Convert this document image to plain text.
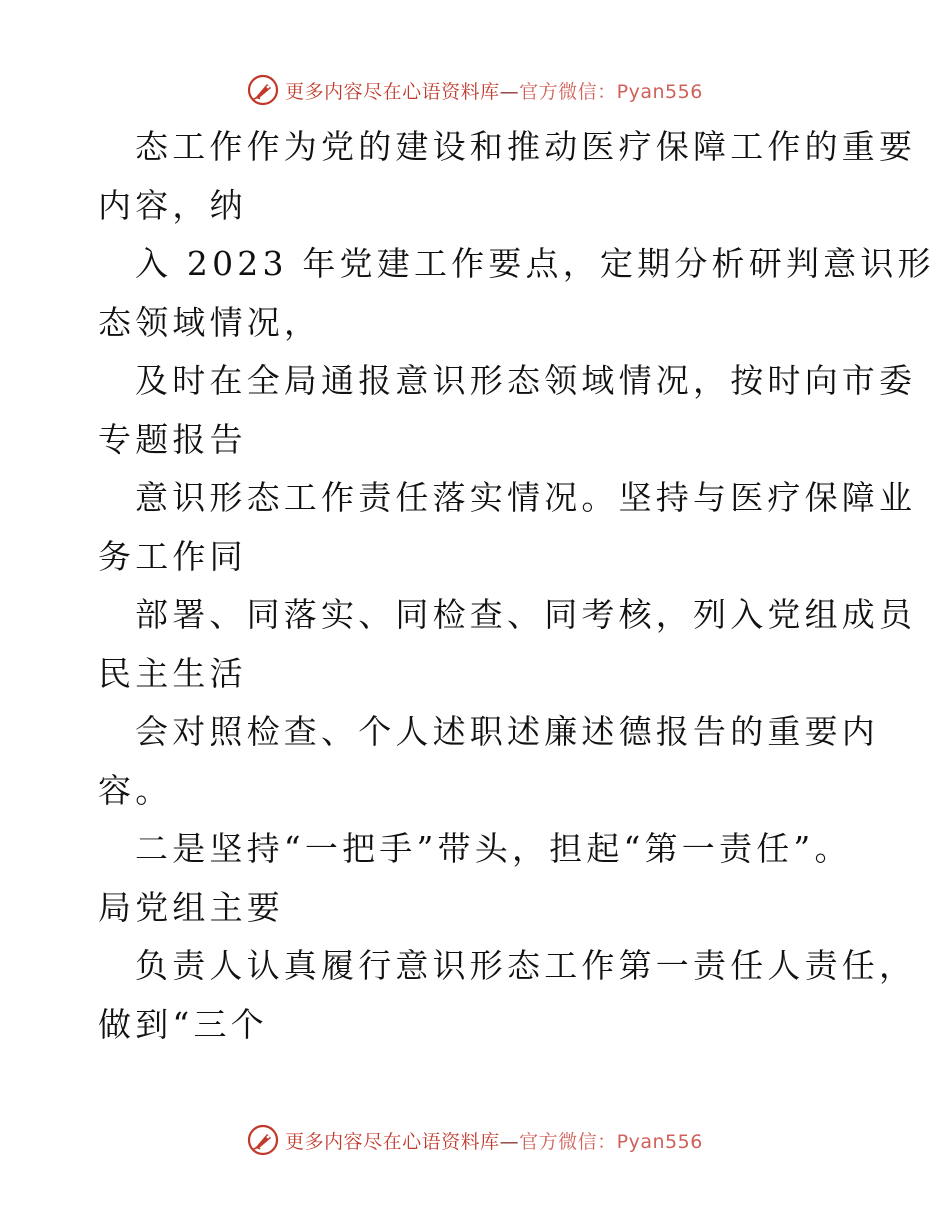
更多内容尽在心语资料库—官方微信：Pyan556
态工作作为党的建设和推动医疗保障工作的重要
内容，纳
入 2023 年党建工作要点，定期分析研判意识形
态领域情况，
及时在全局通报意识形态领域情况，按时向市委
专题报告
意识形态工作责任落实情况。坚持与医疗保障业
务工作同
部署、同落实、同检查、同考核，列入党组成员
民主生活
会对照检查、个人述职述廉述德报告的重要内
容。
二是坚持“一把手”带头，担起“第一责任”。
局党组主要
负责人认真履行意识形态工作第一责任人责任，
做到“三个
更多内容尽在心语资料库—官方微信：Pyan556
